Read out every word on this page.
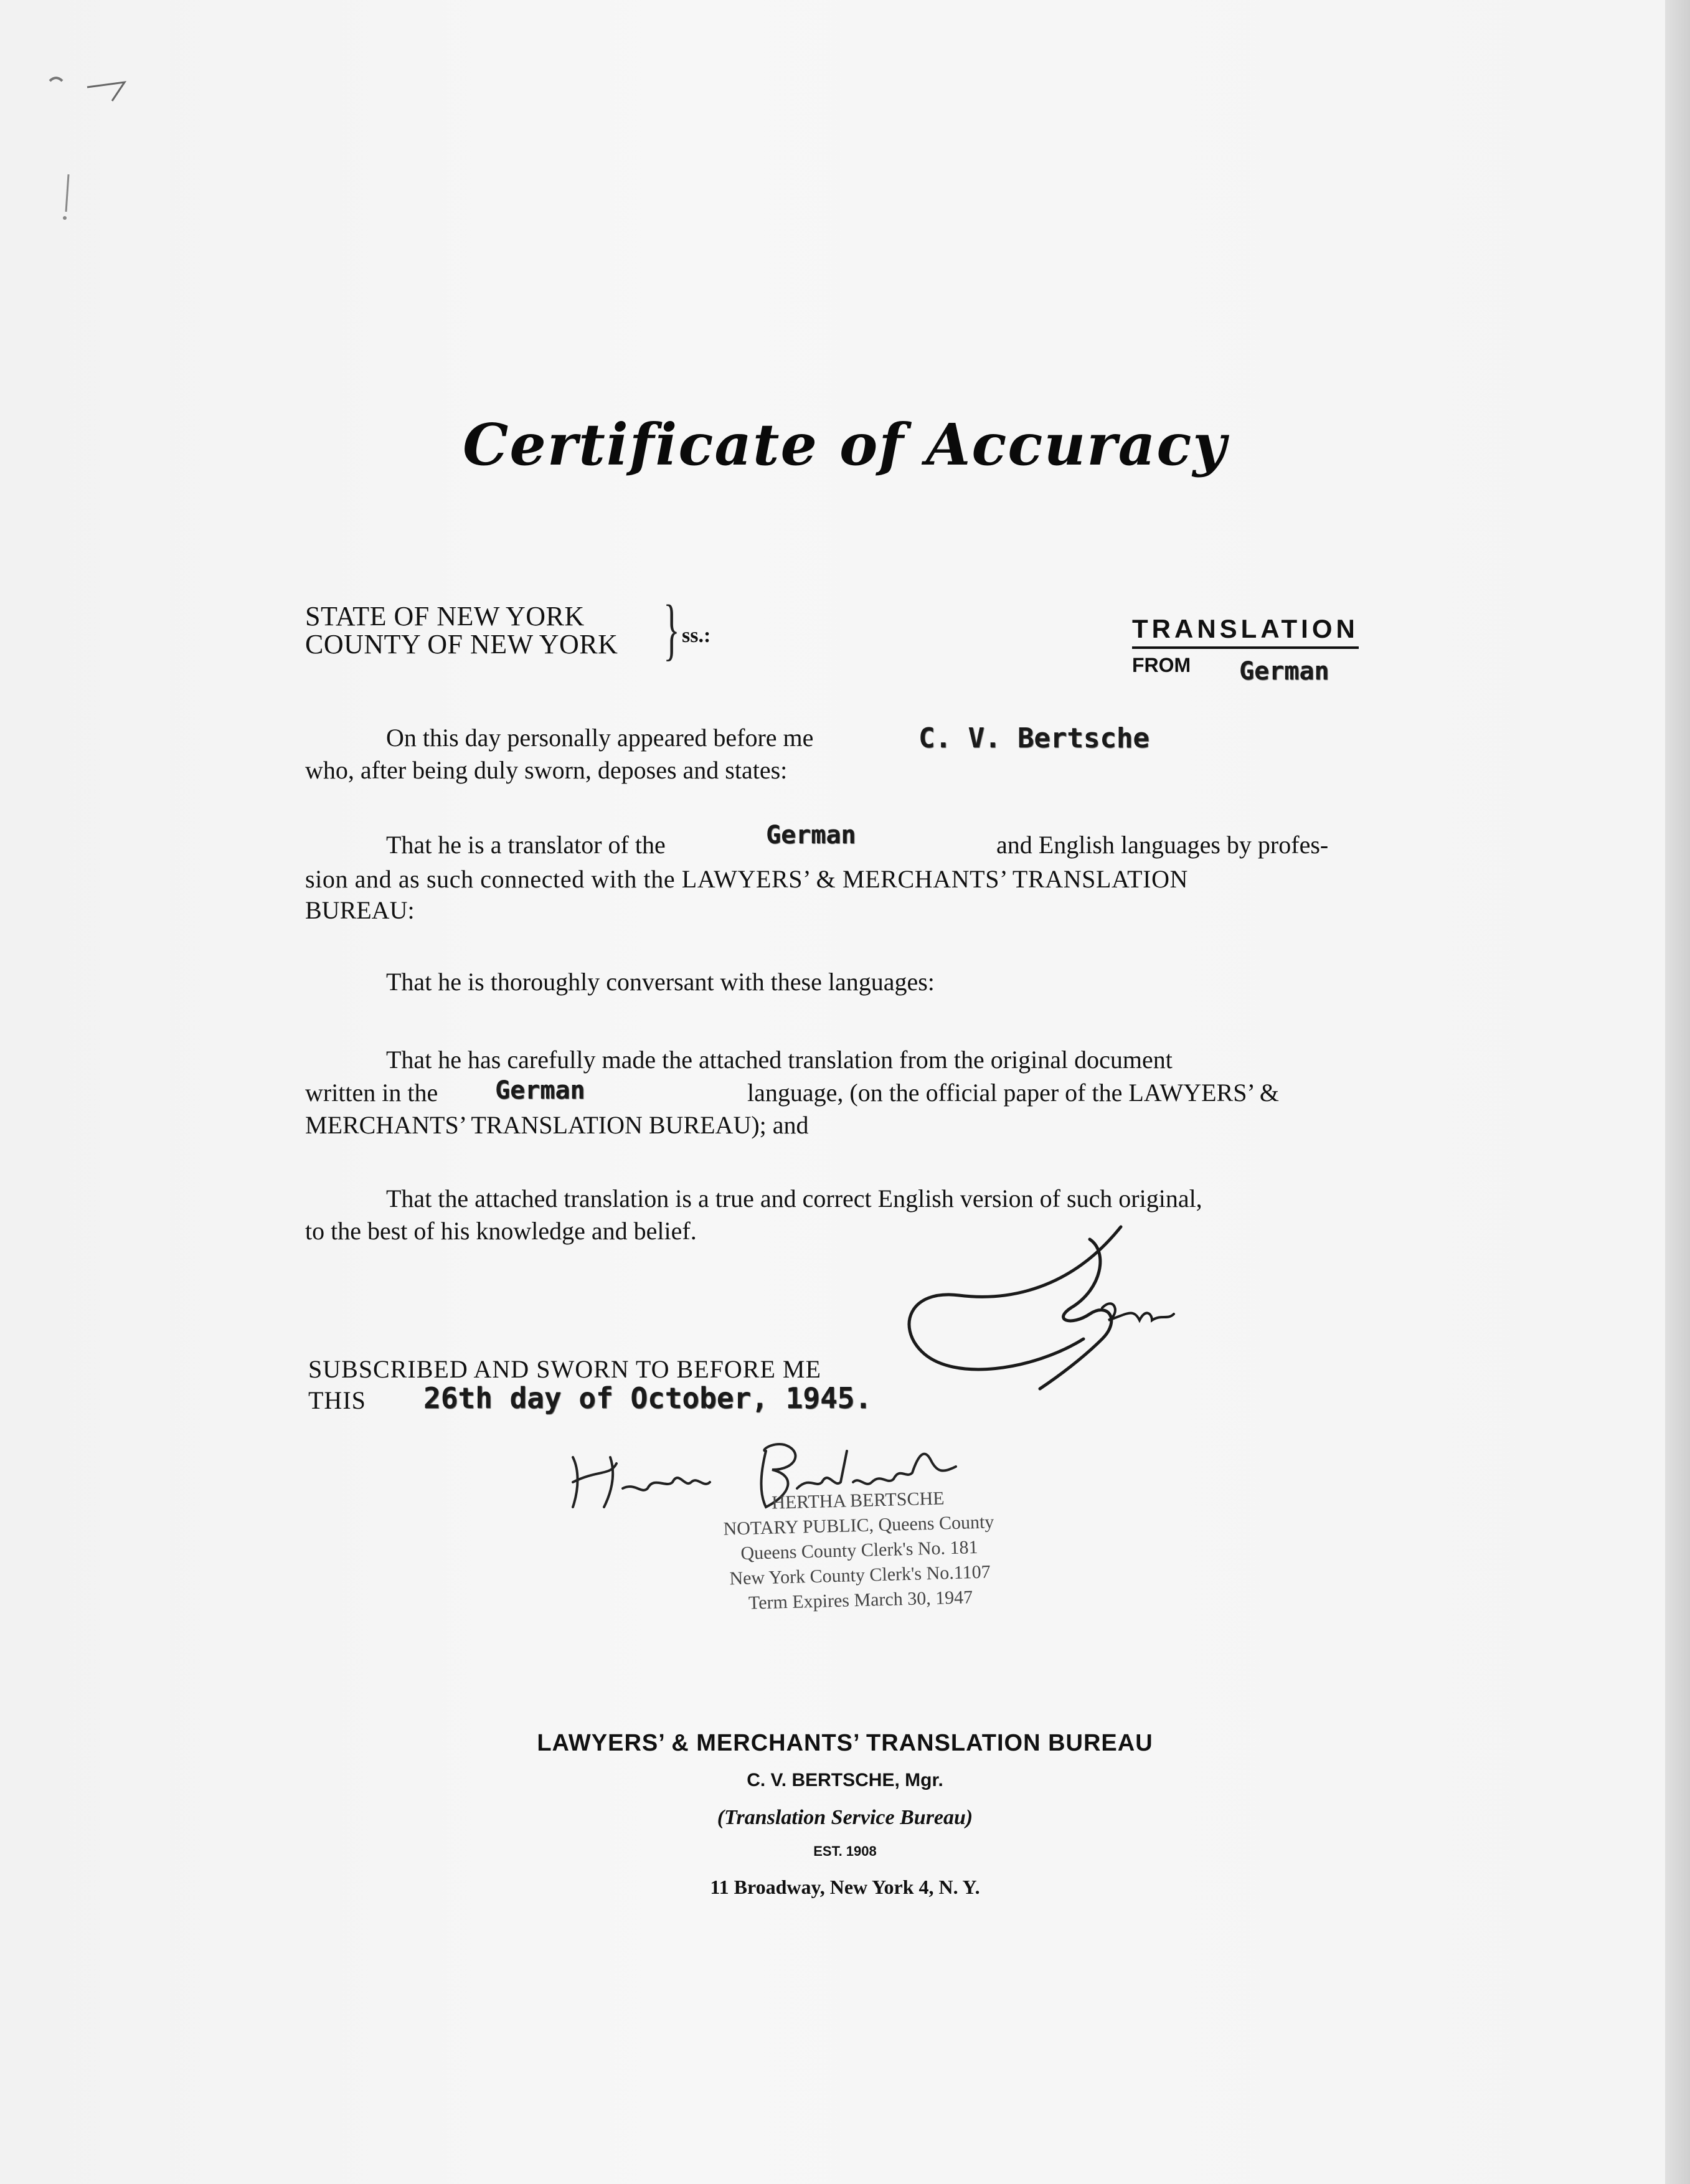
Certificate of Accuracy
STATE OF NEW YORK
COUNTY OF NEW YORK } ss.:	TRANSLATION
FROM German
On this day personally appeared before me	C. V. Bertsche
who, after being duly sworn, deposes and states:
That he is a translator of the	German	and English languages by profes-
sion and as such connected with the LAWYERS’ & MERCHANTS’ TRANSLATION
BUREAU:
That he is thoroughly conversant with these languages:
That he has carefully made the attached translation from the original document
written in the German	language, (on the official paper of the LAWYERS’ &
MERCHANTS’ TRANSLATION BUREAU); and
That the attached translation is a true and correct English version of such original,
to the best of his knowledge and belief.
SUBSCRIBED AND SWORN TO BEFORE ME
THIS 26th day of October, 1945.
HERTHA BERTSCHE
NOTARY PUBLIC, Queens County
Queens County Clerk's No. 181
New York County Clerk's No.1107
Term Expires March 30, 1947
LAWYERS’ & MERCHANTS’ TRANSLATION BUREAU
C. V. BERTSCHE, Mgr.
(Translation Service Bureau)
EST. 1908
11 Broadway, New York 4, N. Y.
